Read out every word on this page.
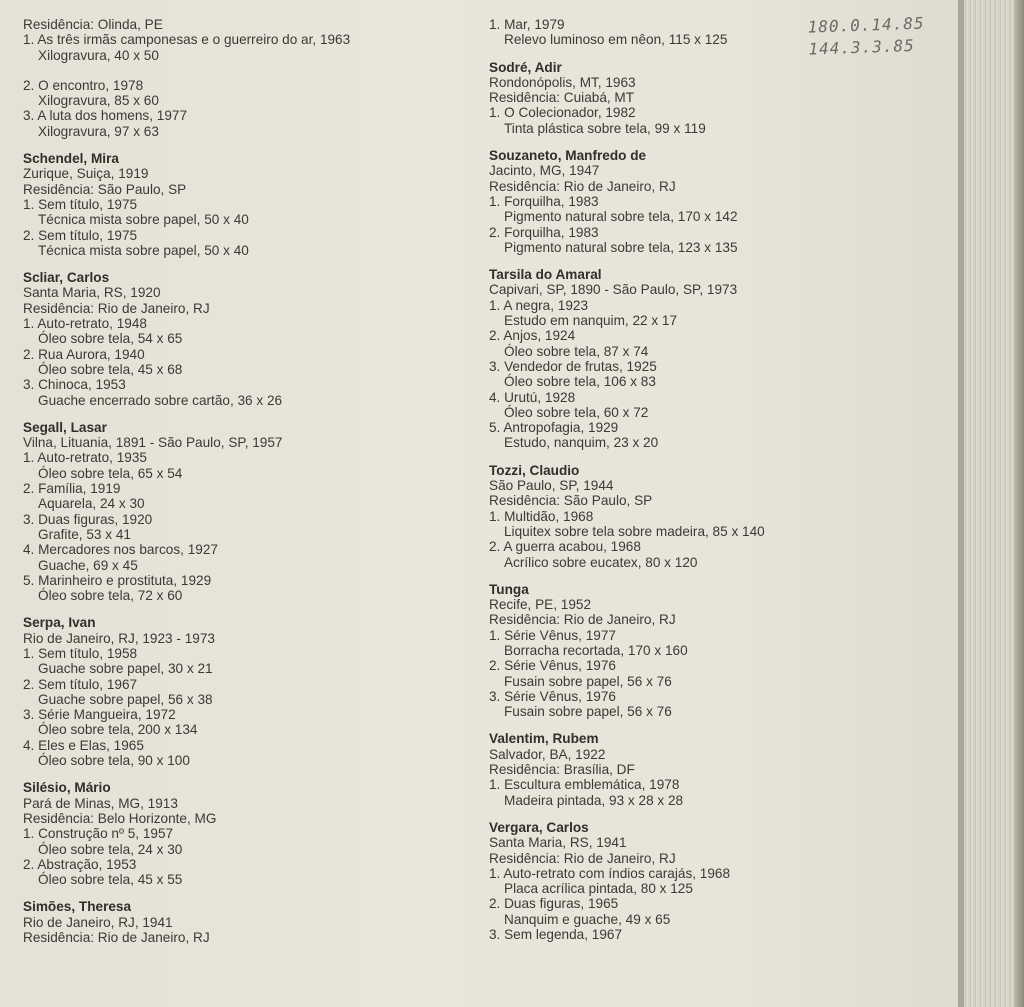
Residência: Olinda, PE
1. As três irmãs camponesas e o guerreiro do ar, 1963
Xilogravura, 40 x 50
2. O encontro, 1978
Xilogravura, 85 x 60
3. A luta dos homens, 1977
Xilogravura, 97 x 63
Schendel, Mira
Zurique, Suiça, 1919
Residência: São Paulo, SP
1. Sem título, 1975
Técnica mista sobre papel, 50 x 40
2. Sem título, 1975
Técnica mista sobre papel, 50 x 40
Scliar, Carlos
Santa Maria, RS, 1920
Residência: Rio de Janeiro, RJ
1. Auto-retrato, 1948
Óleo sobre tela, 54 x 65
2. Rua Aurora, 1940
Óleo sobre tela, 45 x 68
3. Chinoca, 1953
Guache encerrado sobre cartão, 36 x 26
Segall, Lasar
Vilna, Lituania, 1891 - São Paulo, SP, 1957
1. Auto-retrato, 1935
Óleo sobre tela, 65 x 54
2. Família, 1919
Aquarela, 24 x 30
3. Duas figuras, 1920
Grafite, 53 x 41
4. Mercadores nos barcos, 1927
Guache, 69 x 45
5. Marinheiro e prostituta, 1929
Óleo sobre tela, 72 x 60
Serpa, Ivan
Rio de Janeiro, RJ, 1923 - 1973
1. Sem título, 1958
Guache sobre papel, 30 x 21
2. Sem título, 1967
Guache sobre papel, 56 x 38
3. Série Mangueira, 1972
Óleo sobre tela, 200 x 134
4. Eles e Elas, 1965
Óleo sobre tela, 90 x 100
Silésio, Mário
Pará de Minas, MG, 1913
Residência: Belo Horizonte, MG
1. Construção nº 5, 1957
Óleo sobre tela, 24 x 30
2. Abstração, 1953
Óleo sobre tela, 45 x 55
Simões, Theresa
Rio de Janeiro, RJ, 1941
Residência: Rio de Janeiro, RJ
1. Mar, 1979
Relevo luminoso em nêon, 115 x 125
Sodré, Adir
Rondonópolis, MT, 1963
Residência: Cuiabá, MT
1. O Colecionador, 1982
Tinta plástica sobre tela, 99 x 119
Souzaneto, Manfredo de
Jacinto, MG, 1947
Residência: Rio de Janeiro, RJ
1. Forquilha, 1983
Pigmento natural sobre tela, 170 x 142
2. Forquilha, 1983
Pigmento natural sobre tela, 123 x 135
Tarsila do Amaral
Capivari, SP, 1890 - São Paulo, SP, 1973
1. A negra, 1923
Estudo em nanquim, 22 x 17
2. Anjos, 1924
Óleo sobre tela, 87 x 74
3. Vendedor de frutas, 1925
Óleo sobre tela, 106 x 83
4. Urutú, 1928
Óleo sobre tela, 60 x 72
5. Antropofagia, 1929
Estudo, nanquim, 23 x 20
Tozzi, Claudio
São Paulo, SP, 1944
Residência: São Paulo, SP
1. Multidão, 1968
Liquitex sobre tela sobre madeira, 85 x 140
2. A guerra acabou, 1968
Acrílico sobre eucatex, 80 x 120
Tunga
Recife, PE, 1952
Residência: Rio de Janeiro, RJ
1. Série Vênus, 1977
Borracha recortada, 170 x 160
2. Série Vênus, 1976
Fusain sobre papel, 56 x 76
3. Série Vênus, 1976
Fusain sobre papel, 56 x 76
Valentim, Rubem
Salvador, BA, 1922
Residência: Brasília, DF
1. Escultura emblemática, 1978
Madeira pintada, 93 x 28 x 28
Vergara, Carlos
Santa Maria, RS, 1941
Residência: Rio de Janeiro, RJ
1. Auto-retrato com índios carajás, 1968
Placa acrílica pintada, 80 x 125
2. Duas figuras, 1965
Nanquim e guache, 49 x 65
3. Sem legenda, 1967
180.0.14.85
144.3.3.85
